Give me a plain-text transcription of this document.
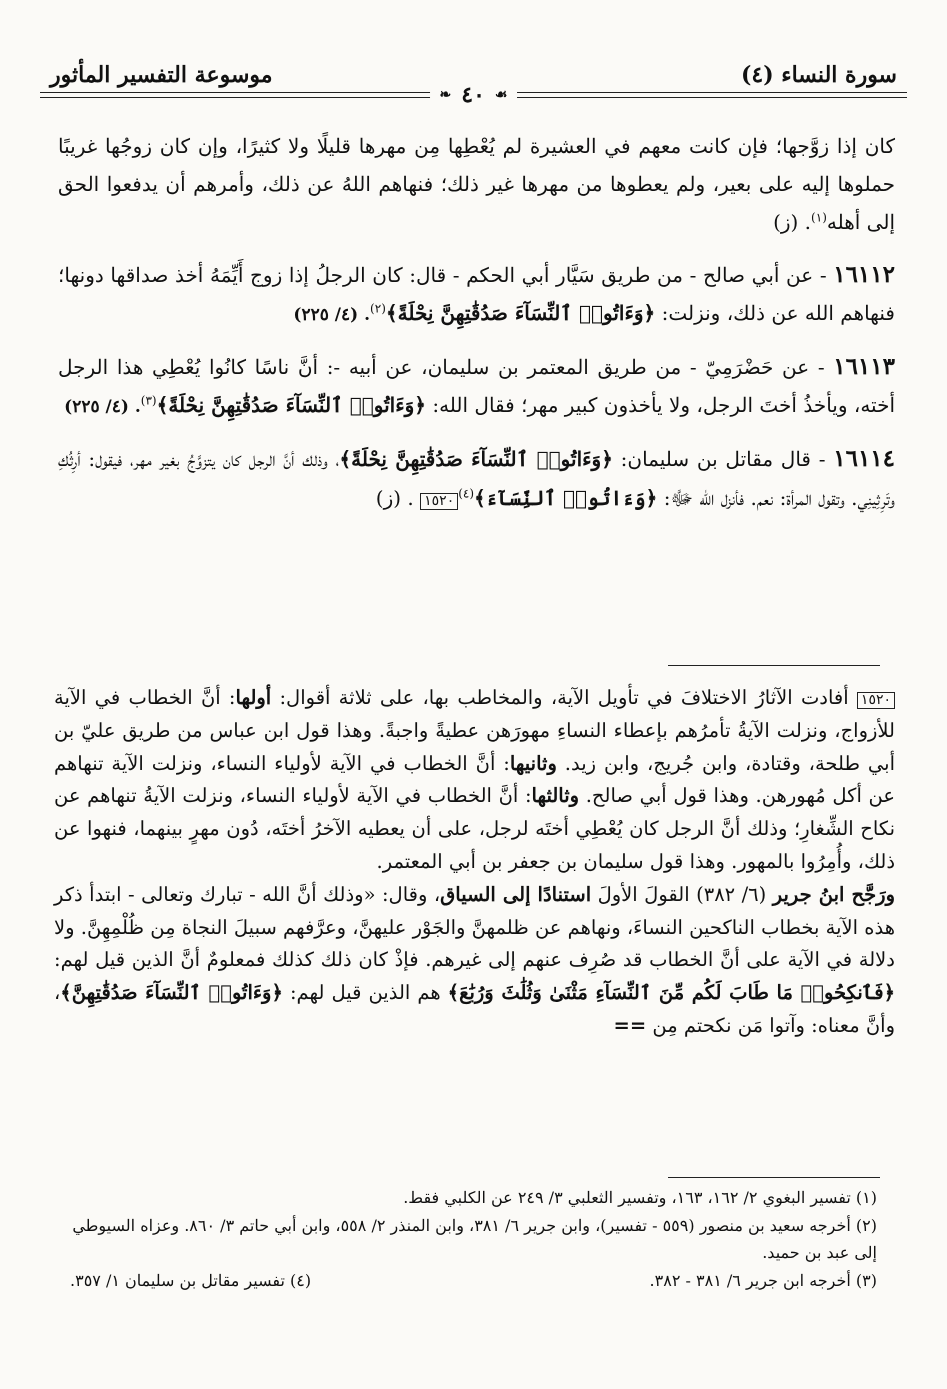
موسوعة التفسير المأثور	سورة النساء (٤)
❧ ٤٠ ☙

كان إذا زوَّجها؛ فإن كانت معهم في العشيرة لم يُعْطِها مِن مهرها قليلًا ولا كثيرًا، وإن كان زوجُها غريبًا حملوها إليه على بعير، ولم يعطوها من مهرها غير ذلك؛ فنهاهم اللهُ عن ذلك، وأمرهم أن يدفعوا الحق إلى أهله$^{(١)}$. (ز)

١٦١١٢ - عن أبي صالح - من طريق سَيَّار أبي الحكم - قال: كان الرجلُ إذا زوج أَيِّمَهُ أخذ صداقها دونها؛ فنهاهم الله عن ذلك، ونزلت: ﴿وَءَاتُوا۟ ٱلنِّسَآءَ صَدُقَٰتِهِنَّ نِحْلَةً﴾$^{(٢)}$. (٤/ ٢٢٥)

١٦١١٣ - عن حَضْرَمِيّ - من طريق المعتمر بن سليمان، عن أبيه -: أنَّ ناسًا كانُوا يُعْطِي هذا الرجل أخته، ويأخذُ أختَ الرجل، ولا يأخذون كبير مهر؛ فقال الله: ﴿وَءَاتُوا۟ ٱلنِّسَآءَ صَدُقَٰتِهِنَّ نِحْلَةً﴾$^{(٣)}$. (٤/ ٢٢٥)

١٦١١٤ - قال مقاتل بن سليمان: ﴿وَءَاتُوا۟ ٱلنِّسَآءَ صَدُقَٰتِهِنَّ نِحْلَةً﴾، وذلك أنَّ الرجل كان يتزوَّجُ بغير مهر، فيقول: أرِثُكِ وتَرِثِينِي. وتقول المرأة: نعم. فأنزل الله ﷻ: ﴿وَءَاتُوا۟ ٱلنِّسَآءَ﴾$^{(٤)}$١٥٢٠ . (ز)

١٥٢٠ أفادت الآثارُ الاختلافَ في تأويل الآية، والمخاطب بها، على ثلاثة أقوال: أولها: أنَّ الخطاب في الآية للأزواج، ونزلت الآيةُ تأمرُهم بإعطاء النساءِ مهورَهن عطيةً واجبةً. وهذا قول ابن عباس من طريق عليّ بن أبي طلحة، وقتادة، وابن جُريج، وابن زيد. وثانيها: أنَّ الخطاب في الآية لأولياء النساء، ونزلت الآية تنهاهم عن أكل مُهورهن. وهذا قول أبي صالح. وثالثها: أنَّ الخطاب في الآية لأولياء النساء، ونزلت الآيةُ تنهاهم عن نكاح الشِّغارِ؛ وذلك أنَّ الرجل كان يُعْطِي أختَه لرجل، على أن يعطيه الآخرُ أختَه، دُون مهرٍ بينهما، فنهوا عن ذلك، وأُمِرُوا بالمهور. وهذا قول سليمان بن جعفر بن أبي المعتمر.

ورَجَّح ابنُ جرير (٦/ ٣٨٢) القولَ الأولَ استنادًا إلى السياق، وقال: «وذلك أنَّ الله - تبارك وتعالى - ابتدأ ذكر هذه الآية بخطاب الناكحين النساءَ، ونهاهم عن ظلمهنَّ والجَوْر عليهنَّ، وعرَّفهم سبيلَ النجاة مِن ظُلْمِهِنَّ. ولا دلالة في الآية على أنَّ الخطاب قد صُرِف عنهم إلى غيرهم. فإذْ كان ذلك كذلك فمعلومٌ أنَّ الذين قيل لهم: ﴿فَٱنكِحُوا۟ مَا طَابَ لَكُم مِّنَ ٱلنِّسَآءِ مَثْنَىٰ وَثُلَٰثَ وَرُبَٰعَ﴾ هم الذين قيل لهم: ﴿وَءَاتُوا۟ ٱلنِّسَآءَ صَدُقَٰتِهِنَّ﴾، وأنَّ معناه: وآتوا مَن نكحتم مِن ==

(١) تفسير البغوي ٢/ ١٦٢، ١٦٣، وتفسير الثعلبي ٣/ ٢٤٩ عن الكلبي فقط.

(٢) أخرجه سعيد بن منصور (٥٥٩ - تفسير)، وابن جرير ٦/ ٣٨١، وابن المنذر ٢/ ٥٥٨، وابن أبي حاتم ٣/ ٨٦٠. وعزاه السيوطي إلى عبد بن حميد.

(٣) أخرجه ابن جرير ٦/ ٣٨١ - ٣٨٢.
(٤) تفسير مقاتل بن سليمان ١/ ٣٥٧.
